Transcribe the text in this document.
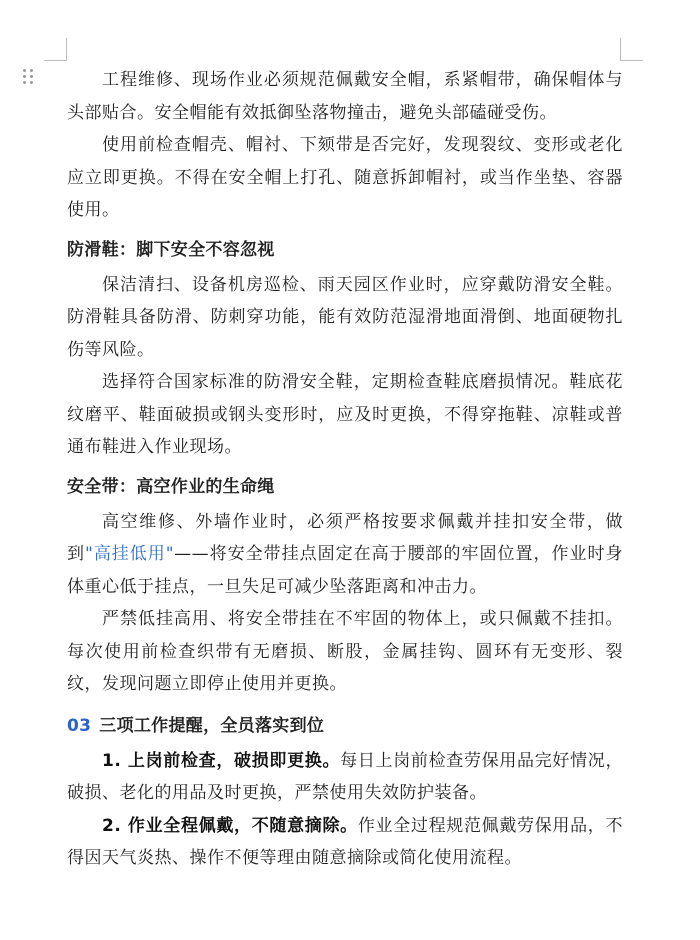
工程维修、现场作业必须规范佩戴安全帽，系紧帽带，确保帽体与头部贴合。安全帽能有效抵御坠落物撞击，避免头部磕碰受伤。

使用前检查帽壳、帽衬、下颏带是否完好，发现裂纹、变形或老化应立即更换。不得在安全帽上打孔、随意拆卸帽衬，或当作坐垫、容器使用。

防滑鞋：脚下安全不容忽视

保洁清扫、设备机房巡检、雨天园区作业时，应穿戴防滑安全鞋。防滑鞋具备防滑、防刺穿功能，能有效防范湿滑地面滑倒、地面硬物扎伤等风险。

选择符合国家标准的防滑安全鞋，定期检查鞋底磨损情况。鞋底花纹磨平、鞋面破损或钢头变形时，应及时更换，不得穿拖鞋、凉鞋或普通布鞋进入作业现场。

安全带：高空作业的生命绳

高空维修、外墙作业时，必须严格按要求佩戴并挂扣安全带，做到"高挂低用"——将安全带挂点固定在高于腰部的牢固位置，作业时身体重心低于挂点，一旦失足可减少坠落距离和冲击力。

严禁低挂高用、将安全带挂在不牢固的物体上，或只佩戴不挂扣。每次使用前检查织带有无磨损、断股，金属挂钩、圆环有无变形、裂纹，发现问题立即停止使用并更换。

03 三项工作提醒，全员落实到位

1. 上岗前检查，破损即更换。每日上岗前检查劳保用品完好情况，破损、老化的用品及时更换，严禁使用失效防护装备。

2. 作业全程佩戴，不随意摘除。作业全过程规范佩戴劳保用品，不得因天气炎热、操作不便等理由随意摘除或简化使用流程。
